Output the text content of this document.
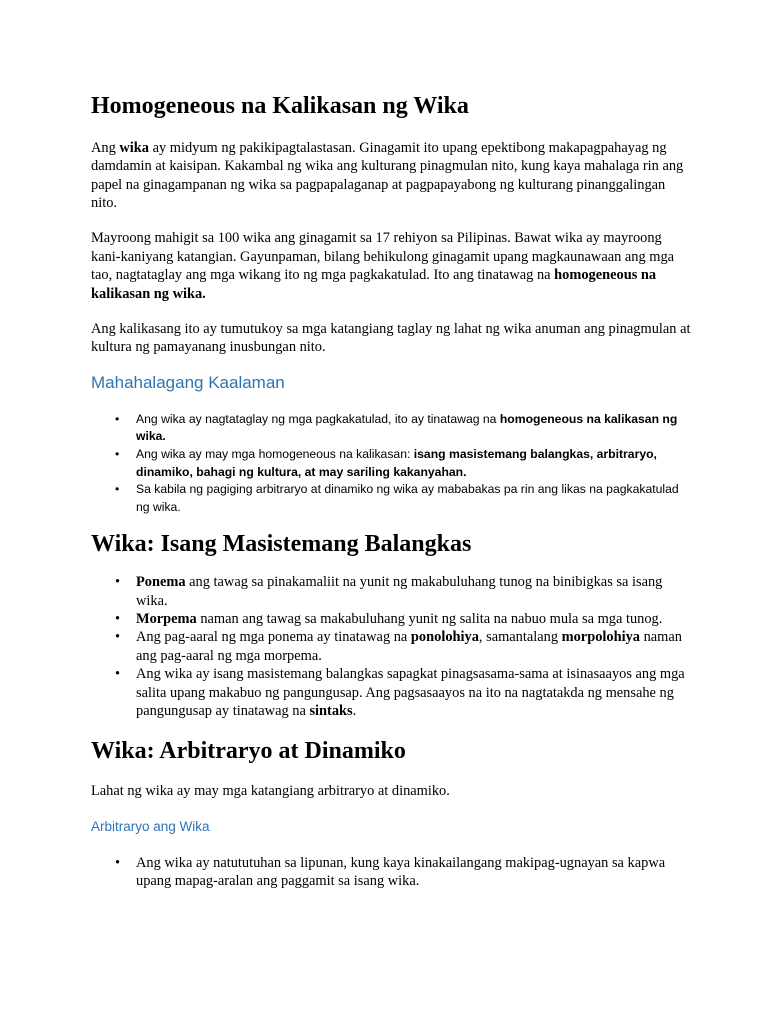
Homogeneous na Kalikasan ng Wika

Ang wika ay midyum ng pakikipagtalastasan. Ginagamit ito upang epektibong makapagpahayag ng damdamin at kaisipan. Kakambal ng wika ang kulturang pinagmulan nito, kung kaya mahalaga rin ang papel na ginagampanan ng wika sa pagpapalaganap at pagpapayabong ng kulturang pinanggalingan nito.

Mayroong mahigit sa 100 wika ang ginagamit sa 17 rehiyon sa Pilipinas. Bawat wika ay mayroong kani-kaniyang katangian. Gayunpaman, bilang behikulong ginagamit upang magkaunawaan ang mga tao, nagtataglay ang mga wikang ito ng mga pagkakatulad. Ito ang tinatawag na homogeneous na kalikasan ng wika.

Ang kalikasang ito ay tumutukoy sa mga katangiang taglay ng lahat ng wika anuman ang pinagmulan at kultura ng pamayanang inusbungan nito.

Mahahalagang Kaalaman
• Ang wika ay nagtataglay ng mga pagkakatulad, ito ay tinatawag na homogeneous na kalikasan ng wika.
• Ang wika ay may mga homogeneous na kalikasan: isang masistemang balangkas, arbitraryo, dinamiko, bahagi ng kultura, at may sariling kakanyahan.
• Sa kabila ng pagiging arbitraryo at dinamiko ng wika ay mababakas pa rin ang likas na pagkakatulad ng wika.
Wika: Isang Masistemang Balangkas
• Ponema ang tawag sa pinakamaliit na yunit ng makabuluhang tunog na binibigkas sa isang wika.
• Morpema naman ang tawag sa makabuluhang yunit ng salita na nabuo mula sa mga tunog.
• Ang pag-aaral ng mga ponema ay tinatawag na ponolohiya, samantalang morpolohiya naman ang pag-aaral ng mga morpema.
• Ang wika ay isang masistemang balangkas sapagkat pinagsasama-sama at isinasaayos ang mga salita upang makabuo ng pangungusap. Ang pagsasaayos na ito na nagtatakda ng mensahe ng pangungusap ay tinatawag na sintaks.
Wika: Arbitraryo at Dinamiko

Lahat ng wika ay may mga katangiang arbitraryo at dinamiko.

Arbitraryo ang Wika
• Ang wika ay natututuhan sa lipunan, kung kaya kinakailangang makipag-ugnayan sa kapwa upang mapag-aralan ang paggamit sa isang wika.
